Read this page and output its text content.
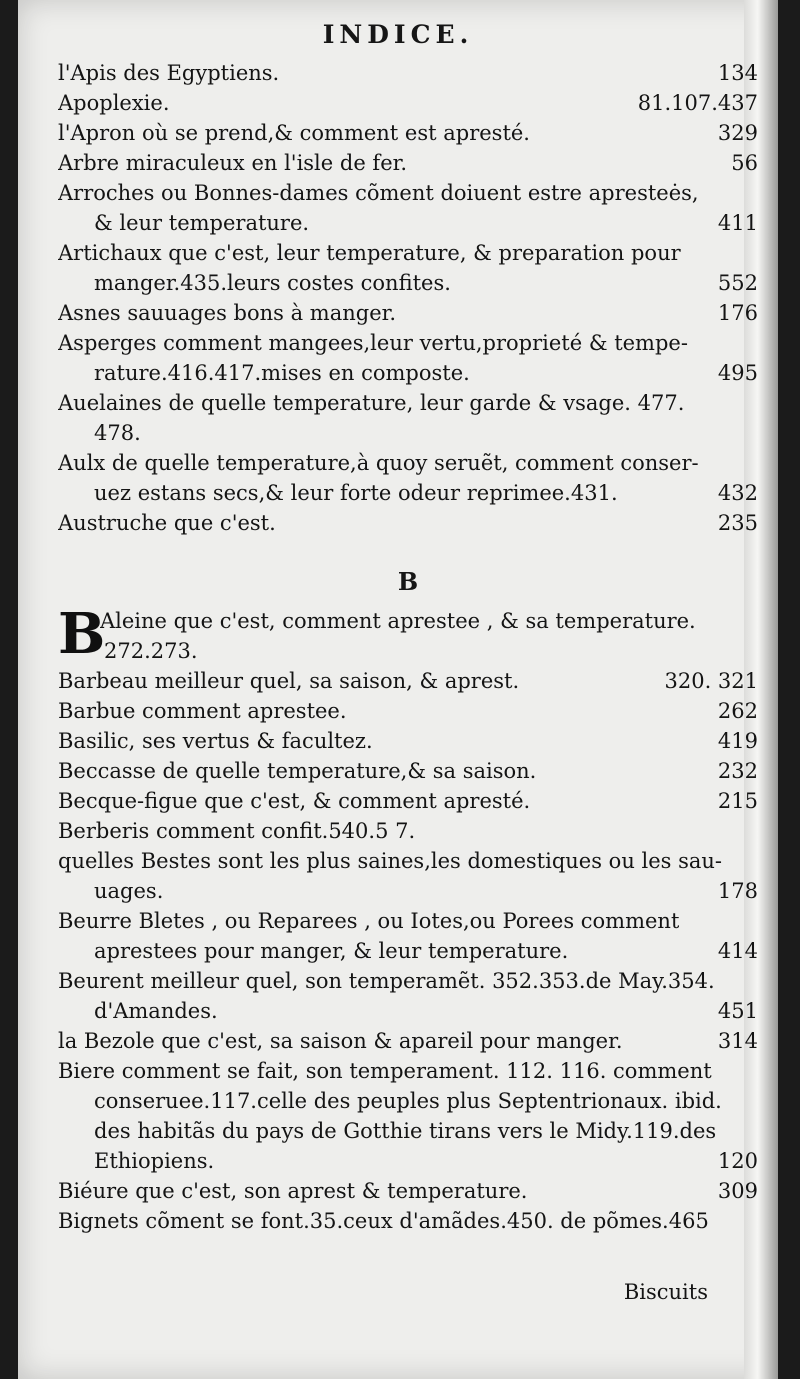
INDICE.
l'Apis des Egyptiens.	134
Apoplexie.	81.107.437
l'Apron où se prend,& comment est apresté.	329
Arbre miraculeux en l'isle de fer.	56
Arroches ou Bonnes-dames cõment doiuent estre apresteės,
& leur temperature.	411
Artichaux que c'est, leur temperature, & preparation pour
manger.435.leurs costes confites.	552
Asnes sauuages bons à manger.	176
Asperges comment mangees,leur vertu,proprieté & tempe-
rature.416.417.mises en composte.	495
Auelaines de quelle temperature, leur garde & vsage. 477.
478.
Aulx de quelle temperature,à quoy seruẽt, comment conser-
uez estans secs,& leur forte odeur reprimee.431.	432
Austruche que c'est.	235
B
B
Aleine que c'est, comment aprestee , & sa temperature.
272.273.
Barbeau meilleur quel, sa saison, & aprest.	320. 321
Barbue comment aprestee.	262
Basilic, ses vertus & facultez.	419
Beccasse de quelle temperature,& sa saison.	232
Becque-figue que c'est, & comment apresté.	215
Berberis comment confit.540.5 7.
quelles Bestes sont les plus saines,les domestiques ou les sau-
uages.	178
Beurre Bletes , ou Reparees , ou Iotes,ou Porees comment
aprestees pour manger, & leur temperature.	414
Beurent meilleur quel, son temperamẽt. 352.353.de May.354.
d'Amandes.	451
la Bezole que c'est, sa saison & apareil pour manger.	314
Biere comment se fait, son temperament. 112. 116. comment
conseruee.117.celle des peuples plus Septentrionaux. ibid.
des habitãs du pays de Gotthie tirans vers le Midy.119.des
Ethiopiens.	120
Biéure que c'est, son aprest & temperature.	309
Bignets cõment se font.35.ceux d'amãdes.450. de põmes.465
Biscuits
